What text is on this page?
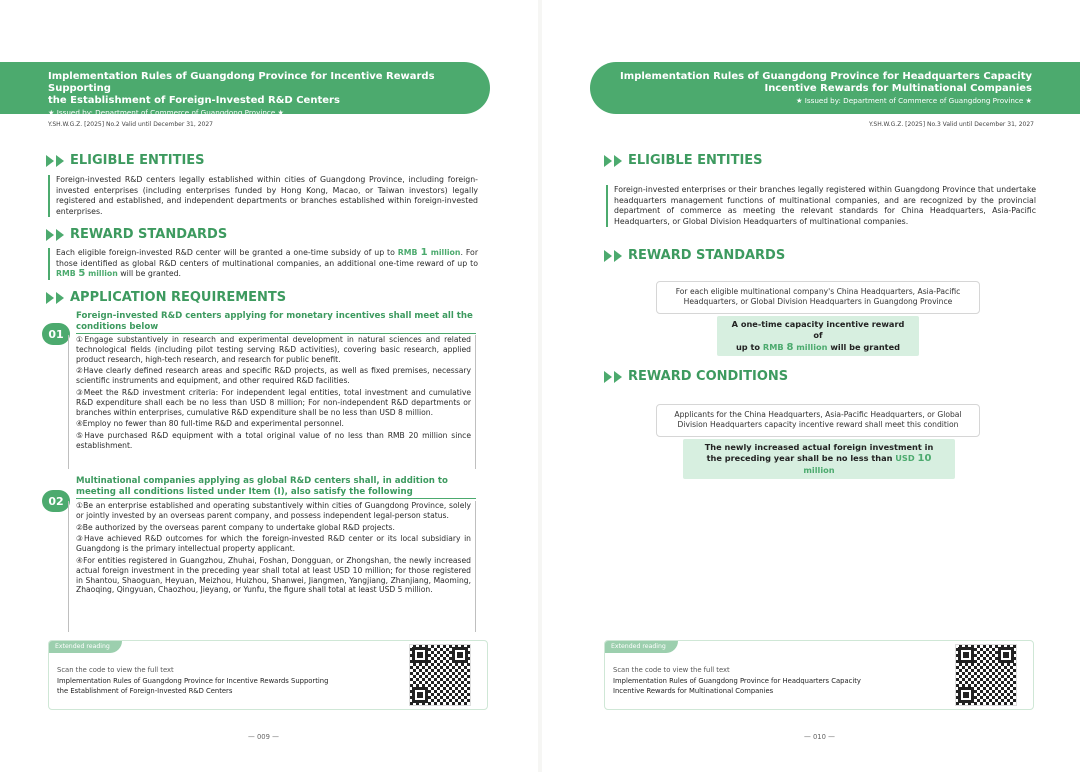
Implementation Rules of Guangdong Province for Incentive Rewards Supporting
the Establishment of Foreign-Invested R&D Centers
★ Issued by: Department of Commerce of Guangdong Province ★
Y.SH.W.G.Z. [2025] No.2 Valid until December 31, 2027
ELIGIBLE ENTITIES
Foreign-invested R&D centers legally established within cities of Guangdong Province, including foreign-invested enterprises (including enterprises funded by Hong Kong, Macao, or Taiwan investors) legally registered and established, and independent departments or branches established within foreign-invested enterprises.
REWARD STANDARDS
Each eligible foreign-invested R&D center will be granted a one-time subsidy of up to RMB 1 million. For those identified as global R&D centers of multinational companies, an additional one-time reward of up to RMB 5 million will be granted.
APPLICATION REQUIREMENTS
01
Foreign-invested R&D centers applying for monetary incentives shall meet all the conditions below
①Engage substantively in research and experimental development in natural sciences and related technological fields (including pilot testing serving R&D activities), covering basic research, applied product research, high-tech research, and research for public benefit.
②Have clearly defined research areas and specific R&D projects, as well as fixed premises, necessary scientific instruments and equipment, and other required R&D facilities.
③Meet the R&D investment criteria: For independent legal entities, total investment and cumulative R&D expenditure shall each be no less than USD 8 million; For non-independent R&D departments or branches within enterprises, cumulative R&D expenditure shall be no less than USD 8 million.
④Employ no fewer than 80 full-time R&D and experimental personnel.
⑤Have purchased R&D equipment with a total original value of no less than RMB 20 million since establishment.
02
Multinational companies applying as global R&D centers shall, in addition to meeting all conditions listed under Item (I), also satisfy the following
①Be an enterprise established and operating substantively within cities of Guangdong Province, solely or jointly invested by an overseas parent company, and possess independent legal-person status.
②Be authorized by the overseas parent company to undertake global R&D projects.
③Have achieved R&D outcomes for which the foreign-invested R&D center or its local subsidiary in Guangdong is the primary intellectual property applicant.
④For entities registered in Guangzhou, Zhuhai, Foshan, Dongguan, or Zhongshan, the newly increased actual foreign investment in the preceding year shall total at least USD 10 million; for those registered in Shantou, Shaoguan, Heyuan, Meizhou, Huizhou, Shanwei, Jiangmen, Yangjiang, Zhanjiang, Maoming, Zhaoqing, Qingyuan, Chaozhou, Jieyang, or Yunfu, the figure shall total at least USD 5 million.
Extended reading
Scan the code to view the full text
Implementation Rules of Guangdong Province for Incentive Rewards Supporting
the Establishment of Foreign-Invested R&D Centers
— 009 —
Implementation Rules of Guangdong Province for Headquarters Capacity
Incentive Rewards for Multinational Companies
★ Issued by: Department of Commerce of Guangdong Province ★
Y.SH.W.G.Z. [2025] No.3 Valid until December 31, 2027
ELIGIBLE ENTITIES
Foreign-invested enterprises or their branches legally registered within Guangdong Province that undertake headquarters management functions of multinational companies, and are recognized by the provincial department of commerce as meeting the relevant standards for China Headquarters, Asia-Pacific Headquarters, or Global Division Headquarters of multinational companies.
REWARD STANDARDS
For each eligible multinational company's China Headquarters, Asia-Pacific Headquarters, or Global Division Headquarters in Guangdong Province
A one-time capacity incentive reward of
up to RMB 8 million will be granted
REWARD CONDITIONS
Applicants for the China Headquarters, Asia-Pacific Headquarters, or Global Division Headquarters capacity incentive reward shall meet this condition
The newly increased actual foreign investment in
the preceding year shall be no less than USD 10 million
Extended reading
Scan the code to view the full text
Implementation Rules of Guangdong Province for Headquarters Capacity
Incentive Rewards for Multinational Companies
— 010 —
